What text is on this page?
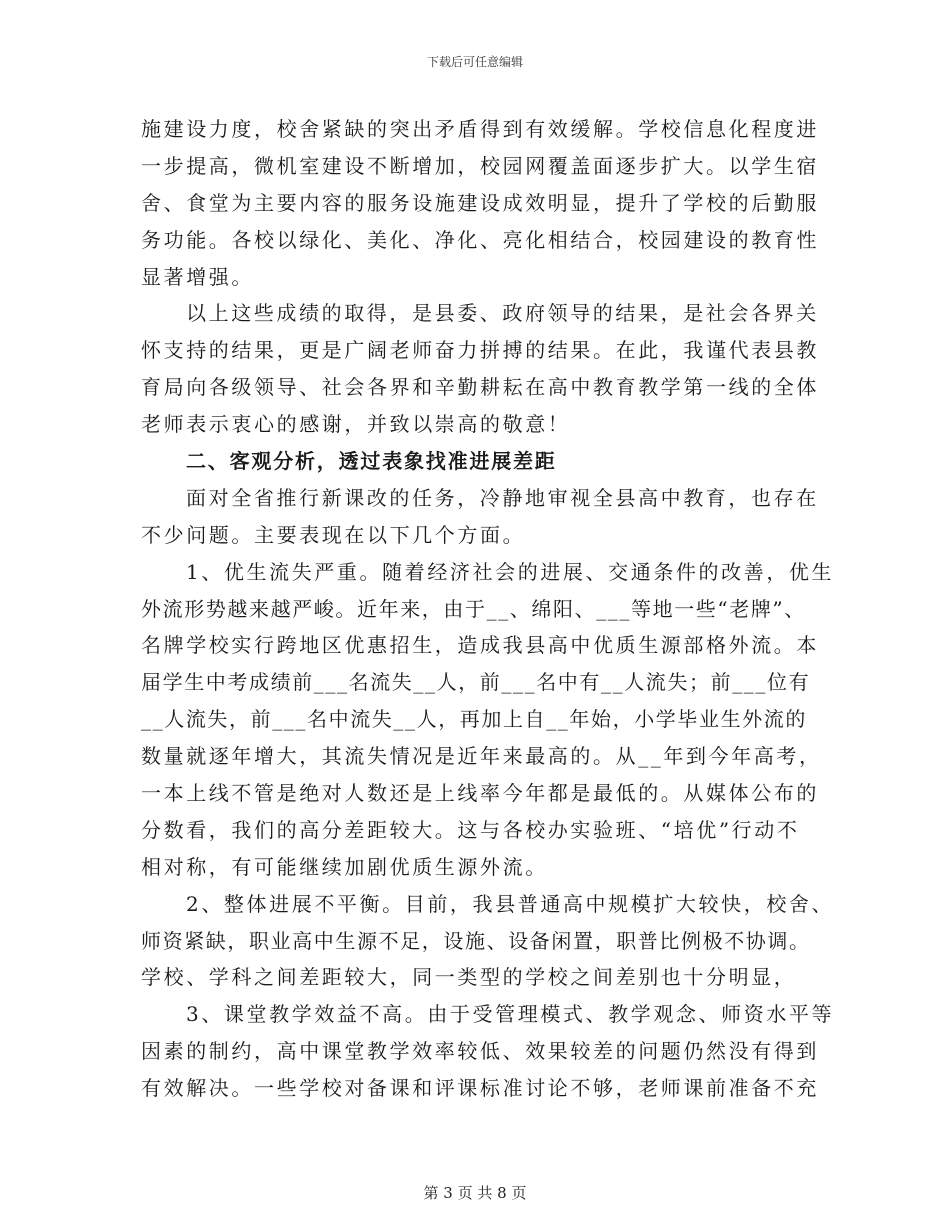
下载后可任意编辑
施建设力度，校舍紧缺的突出矛盾得到有效缓解。学校信息化程度进
一步提高，微机室建设不断增加，校园网覆盖面逐步扩大。以学生宿
舍、食堂为主要内容的服务设施建设成效明显，提升了学校的后勤服
务功能。各校以绿化、美化、净化、亮化相结合，校园建设的教育性
显著增强。
以上这些成绩的取得，是县委、政府领导的结果，是社会各界关
怀支持的结果，更是广阔老师奋力拼搏的结果。在此，我谨代表县教
育局向各级领导、社会各界和辛勤耕耘在高中教育教学第一线的全体
老师表示衷心的感谢，并致以崇高的敬意！
二、客观分析，透过表象找准进展差距
面对全省推行新课改的任务，冷静地审视全县高中教育，也存在
不少问题。主要表现在以下几个方面。
1、优生流失严重。随着经济社会的进展、交通条件的改善，优生
外流形势越来越严峻。近年来，由于__、绵阳、___等地一些“老牌”、
名牌学校实行跨地区优惠招生，造成我县高中优质生源部格外流。本
届学生中考成绩前___名流失__人，前___名中有__人流失；前___位有
__人流失，前___名中流失__人，再加上自__年始，小学毕业生外流的
数量就逐年增大，其流失情况是近年来最高的。从__年到今年高考，
一本上线不管是绝对人数还是上线率今年都是最低的。从媒体公布的
分数看，我们的高分差距较大。这与各校办实验班、“培优”行动不
相对称，有可能继续加剧优质生源外流。
2、整体进展不平衡。目前，我县普通高中规模扩大较快，校舍、
师资紧缺，职业高中生源不足，设施、设备闲置，职普比例极不协调。
学校、学科之间差距较大，同一类型的学校之间差别也十分明显，
3、课堂教学效益不高。由于受管理模式、教学观念、师资水平等
因素的制约，高中课堂教学效率较低、效果较差的问题仍然没有得到
有效解决。一些学校对备课和评课标准讨论不够，老师课前准备不充
第 3 页 共 8 页
